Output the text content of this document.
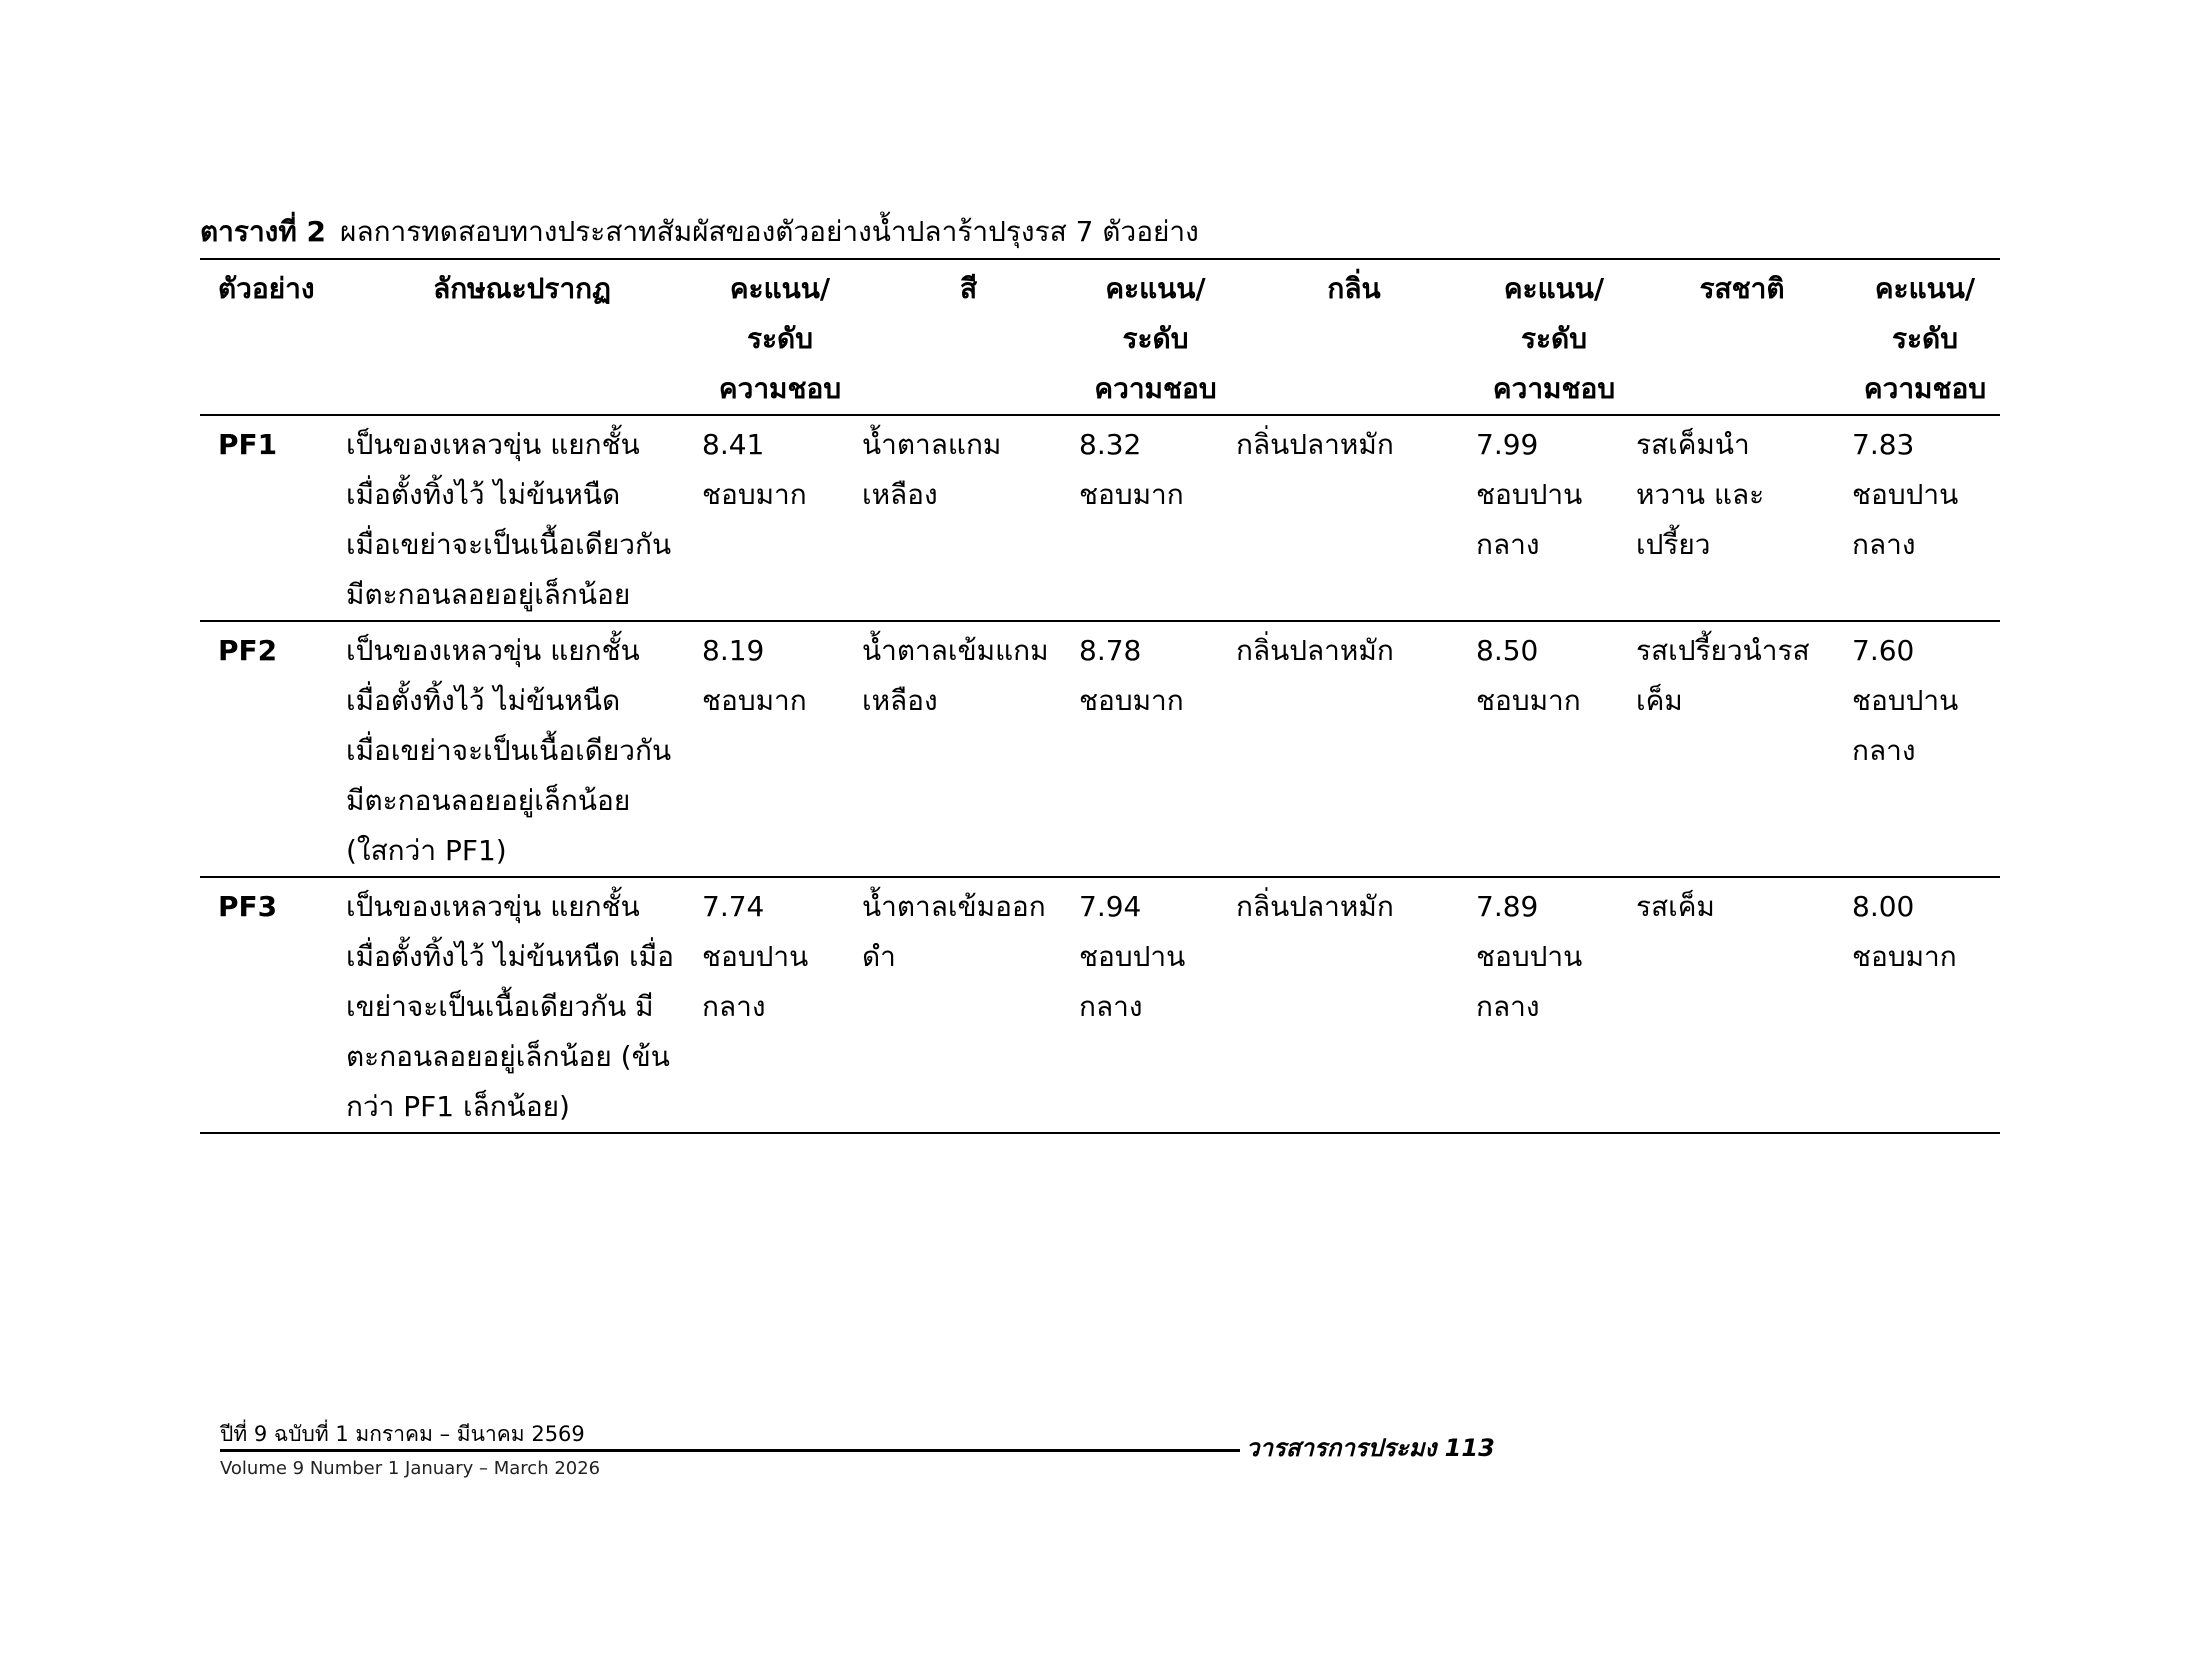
ตารางที่ 2 ผลการทดสอบทางประสาทสัมผัสของตัวอย่างน้ำปลาร้าปรุงรส 7 ตัวอย่าง
ตัวอย่าง	ลักษณะปรากฏ	คะแนน/
ระดับ
ความชอบ	สี	คะแนน/
ระดับ
ความชอบ	กลิ่น	คะแนน/
ระดับ
ความชอบ	รสชาติ	คะแนน/
ระดับ
ความชอบ

PF1	เป็นของเหลวขุ่น แยกชั้น
เมื่อตั้งทิ้งไว้ ไม่ข้นหนืด
เมื่อเขย่าจะเป็นเนื้อเดียวกัน
มีตะกอนลอยอยู่เล็กน้อย	8.41
ชอบมาก	น้ำตาลแกม
เหลือง	8.32
ชอบมาก	กลิ่นปลาหมัก	7.99
ชอบปาน
กลาง	รสเค็มนำ
หวาน และ
เปรี้ยว	7.83
ชอบปาน
กลาง

PF2	เป็นของเหลวขุ่น แยกชั้น
เมื่อตั้งทิ้งไว้ ไม่ข้นหนืด
เมื่อเขย่าจะเป็นเนื้อเดียวกัน
มีตะกอนลอยอยู่เล็กน้อย
(ใสกว่า PF1)	8.19
ชอบมาก	น้ำตาลเข้มแกม
เหลือง	8.78
ชอบมาก	กลิ่นปลาหมัก	8.50
ชอบมาก	รสเปรี้ยวนำรส
เค็ม	7.60
ชอบปาน
กลาง

PF3	เป็นของเหลวขุ่น แยกชั้น
เมื่อตั้งทิ้งไว้ ไม่ข้นหนืด เมื่อ
เขย่าจะเป็นเนื้อเดียวกัน มี
ตะกอนลอยอยู่เล็กน้อย (ข้น
กว่า PF1 เล็กน้อย)	7.74
ชอบปาน
กลาง	น้ำตาลเข้มออก
ดำ	7.94
ชอบปาน
กลาง	กลิ่นปลาหมัก	7.89
ชอบปาน
กลาง	รสเค็ม	8.00
ชอบมาก
ปีที่ 9 ฉบับที่ 1 มกราคม – มีนาคม 2569	วารสารการประมง 113
Volume 9 Number 1 January – March 2026
